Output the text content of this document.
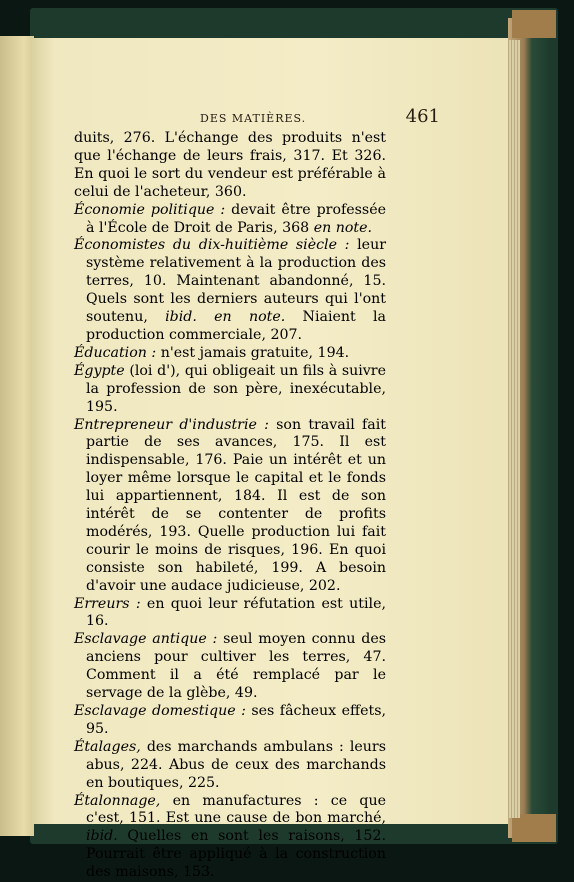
DES MATIÈRES.	461

duits, 276. L'échange des produits n'est que l'échange de leurs frais, 317. Et 326. En quoi le sort du vendeur est préférable à celui de l'acheteur, 360.

Économie politique : devait être professée à l'École de Droit de Paris, 368 en note.

Économistes du dix-huitième siècle : leur système relativement à la production des terres, 10. Maintenant abandonné, 15. Quels sont les derniers auteurs qui l'ont soutenu, ibid. en note. Niaient la production commerciale, 207.

Éducation : n'est jamais gratuite, 194.

Égypte (loi d'), qui obligeait un fils à suivre la profession de son père, inexécutable, 195.

Entrepreneur d'industrie : son travail fait partie de ses avances, 175. Il est indispensable, 176. Paie un intérêt et un loyer même lorsque le capital et le fonds lui appartiennent, 184. Il est de son intérêt de se contenter de profits modérés, 193. Quelle production lui fait courir le moins de risques, 196. En quoi consiste son habileté, 199. A besoin d'avoir une audace judicieuse, 202.

Erreurs : en quoi leur réfutation est utile, 16.

Esclavage antique : seul moyen connu des anciens pour cultiver les terres, 47. Comment il a été remplacé par le servage de la glèbe, 49.

Esclavage domestique : ses fâcheux effets, 95.

Étalages, des marchands ambulans : leurs abus, 224. Abus de ceux des marchands en boutiques, 225.

Étalonnage, en manufactures : ce que c'est, 151. Est une cause de bon marché, ibid. Quelles en sont les raisons, 152. Pourrait être appliqué à la construction des maisons, 153.
